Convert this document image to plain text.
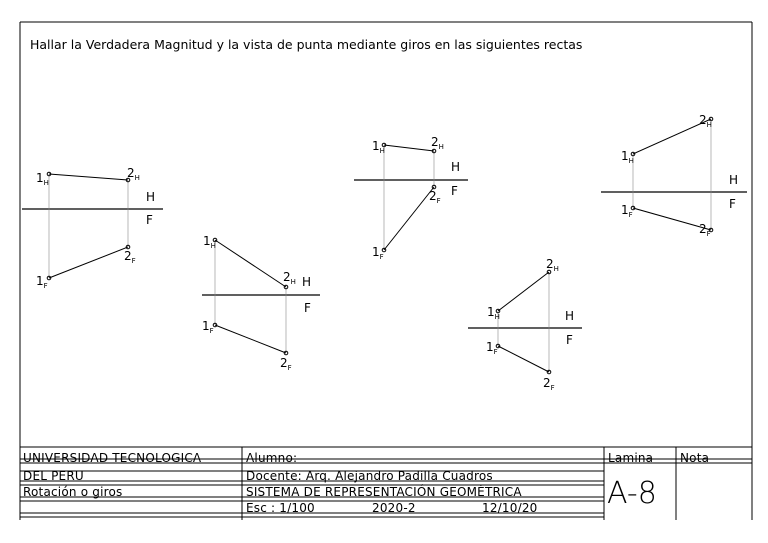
Hallar la Verdadera Magnitud y la vista de punta mediante giros en las siguientes rectas
$1_H$
$2_H$
$1_F$
$2_F$
H
F
$1_H$
$2_H$
$1_F$
$2_F$
H
F
$1_H$
$2_H$
$1_F$
$2_F$
H
F
$1_H$
$2_H$
$1_F$
$2_F$
H
F
$1_H$
$2_H$
$1_F$
$2_F$
H
F
UNIVERSIDAD TECNOLOGICA
DEL PERU
Rotación o giros
Alumno:
Docente: Arq. Alejandro Padilla Cuadros
SISTEMA DE REPRESENTACIÓN GEOMÉTRICA
Esc : 1/100	2020-2	12/10/20
Lamina Nota
A-8
